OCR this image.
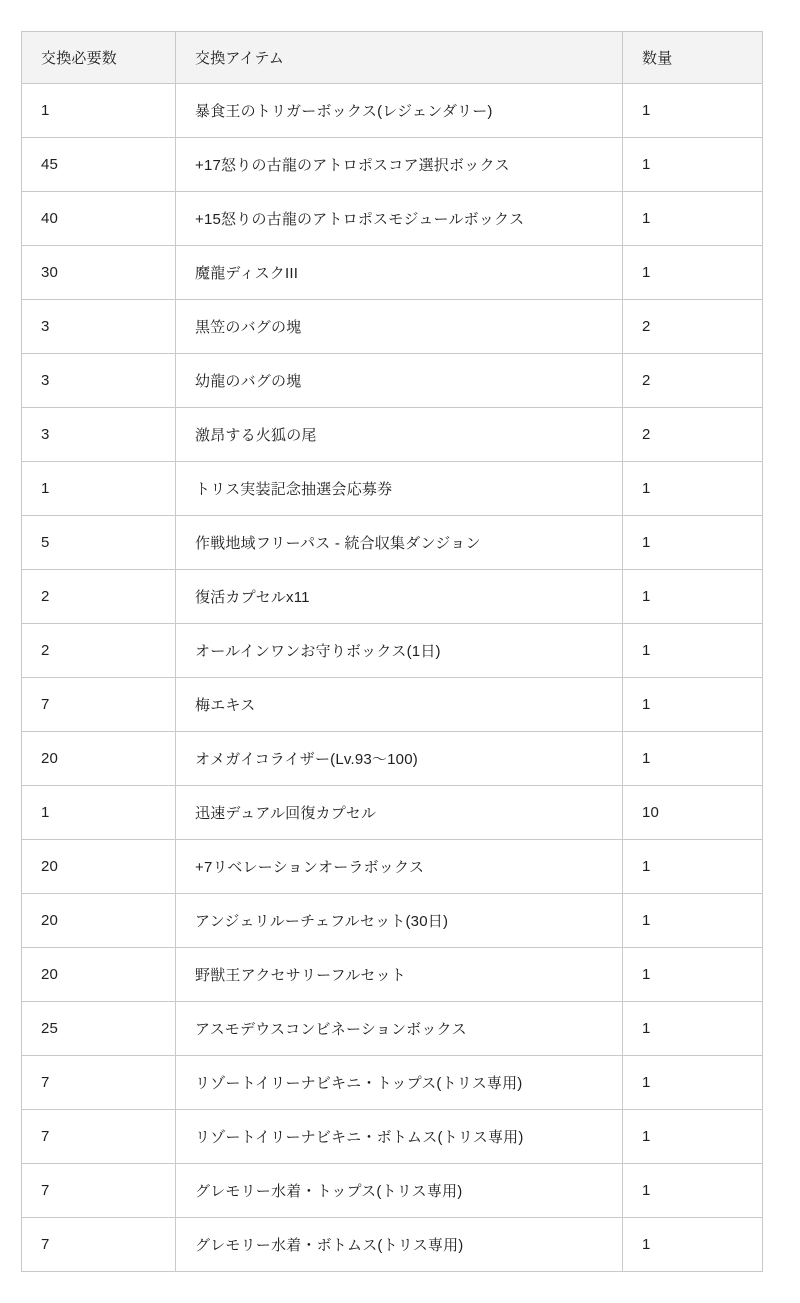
交換必要数	交換アイテム	数量
1	暴食王のトリガーボックス(レジェンダリー)	1
45	+17怒りの古龍のアトロポスコア選択ボックス	1
40	+15怒りの古龍のアトロポスモジュールボックス	1
30	魔龍ディスクIII	1
3	黒笠のバグの塊	2
3	幼龍のバグの塊	2
3	激昂する火狐の尾	2
1	トリス実装記念抽選会応募券	1
5	作戦地域フリーパス - 統合収集ダンジョン	1
2	復活カプセルx11	1
2	オールインワンお守りボックス(1日)	1
7	梅エキス	1
20	オメガイコライザー(Lv.93〜100)	1
1	迅速デュアル回復カプセル	10
20	+7リベレーションオーラボックス	1
20	アンジェリルーチェフルセット(30日)	1
20	野獣王アクセサリーフルセット	1
25	アスモデウスコンビネーションボックス	1
7	リゾートイリーナビキニ・トップス(トリス専用)	1
7	リゾートイリーナビキニ・ボトムス(トリス専用)	1
7	グレモリー水着・トップス(トリス専用)	1
7	グレモリー水着・ボトムス(トリス専用)	1
